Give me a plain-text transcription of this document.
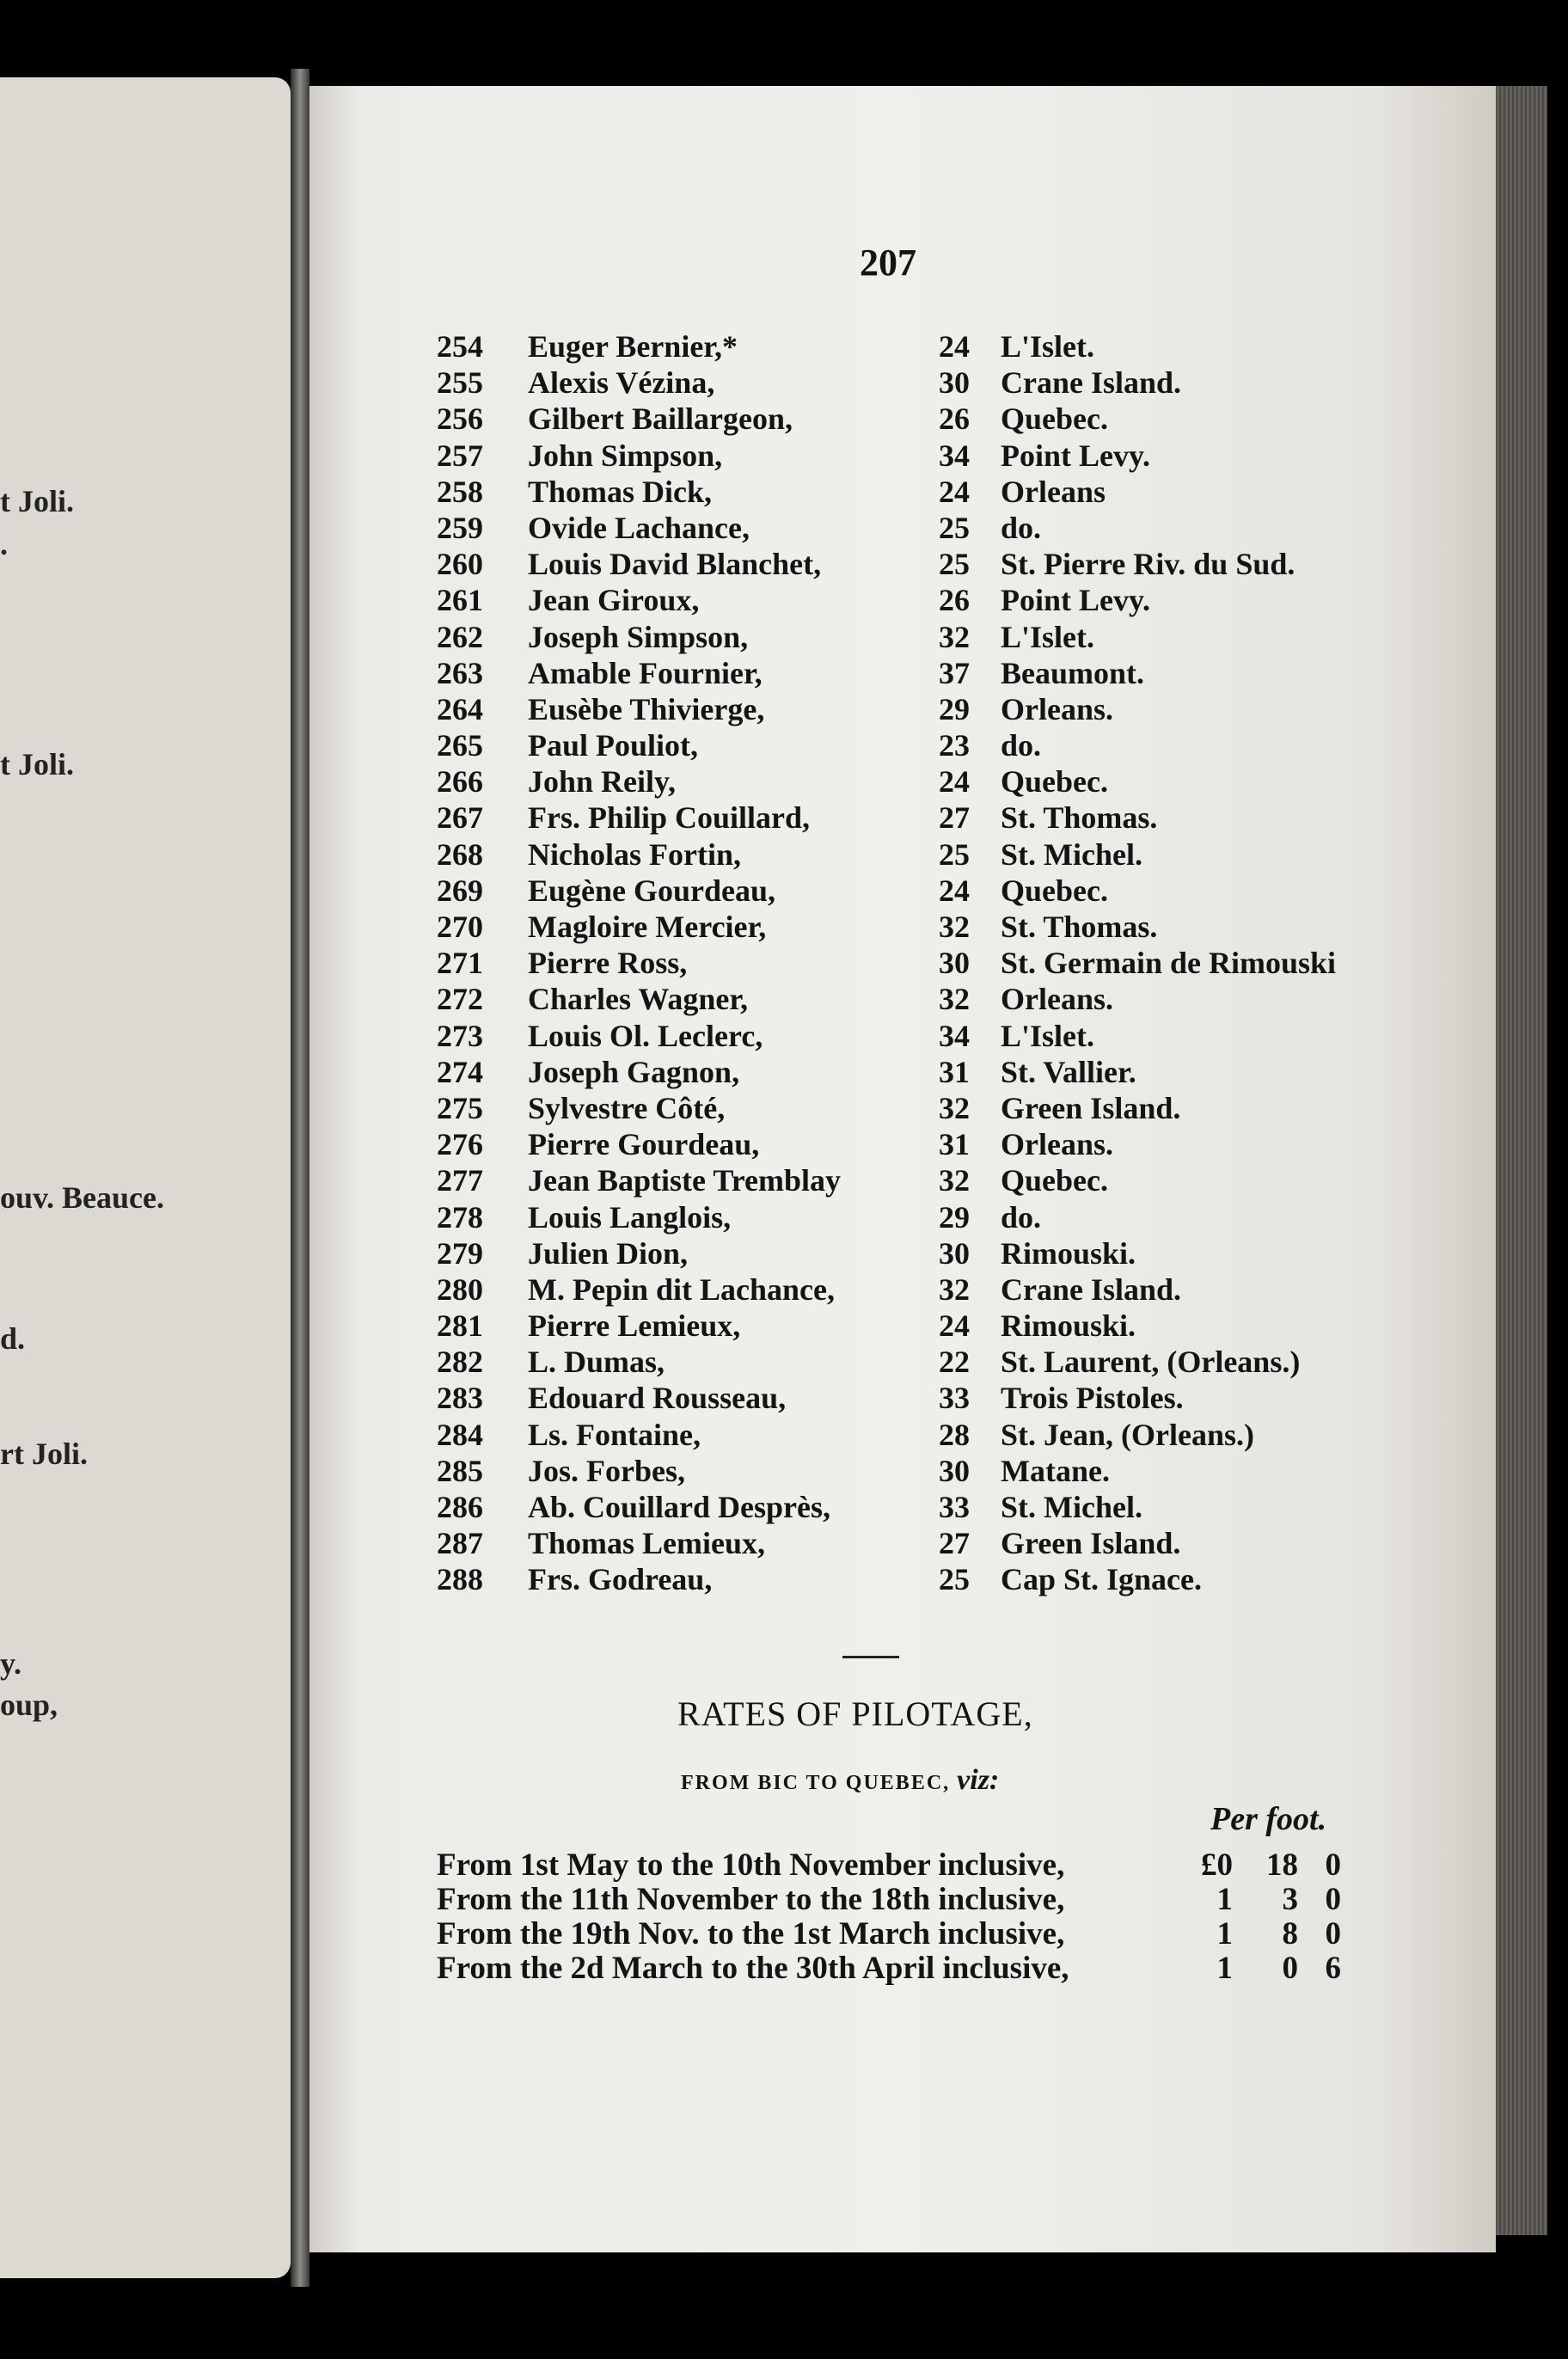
t Joli.
.
t Joli.
ouv. Beauce.
d.
rt Joli.
y.
oup,
207
254 Euger Bernier,*	24 L'Islet.
255 Alexis Vézina,	30 Crane Island.
256 Gilbert Baillargeon,	26 Quebec.
257 John Simpson,	34 Point Levy.
258 Thomas Dick,	24 Orleans
259 Ovide Lachance,	25 do.
260 Louis David Blanchet,	25 St. Pierre Riv. du Sud.
261 Jean Giroux,	26 Point Levy.
262 Joseph Simpson,	32 L'Islet.
263 Amable Fournier,	37 Beaumont.
264 Eusèbe Thivierge,	29 Orleans.
265 Paul Pouliot,	23 do.
266 John Reily,	24 Quebec.
267 Frs. Philip Couillard,	27 St. Thomas.
268 Nicholas Fortin,	25 St. Michel.
269 Eugène Gourdeau,	24 Quebec.
270 Magloire Mercier,	32 St. Thomas.
271 Pierre Ross,	30 St. Germain de Rimouski
272 Charles Wagner,	32 Orleans.
273 Louis Ol. Leclerc,	34 L'Islet.
274 Joseph Gagnon,	31 St. Vallier.
275 Sylvestre Côté,	32 Green Island.
276 Pierre Gourdeau,	31 Orleans.
277 Jean Baptiste Tremblay	32 Quebec.
278 Louis Langlois,	29 do.
279 Julien Dion,	30 Rimouski.
280 M. Pepin dit Lachance,	32 Crane Island.
281 Pierre Lemieux,	24 Rimouski.
282 L. Dumas,	22 St. Laurent, (Orleans.)
283 Edouard Rousseau,	33 Trois Pistoles.
284 Ls. Fontaine,	28 St. Jean, (Orleans.)
285 Jos. Forbes,	30 Matane.
286 Ab. Couillard Desprès,	33 St. Michel.
287 Thomas Lemieux,	27 Green Island.
288 Frs. Godreau,	25 Cap St. Ignace.
RATES OF PILOTAGE,
FROM BIC TO QUEBEC, viz:
Per foot.
From 1st May to the 10th November inclusive,	£0	18 0
From the 11th November to the 18th inclusive,	1	3 0
From the 19th Nov. to the 1st March inclusive,	1	8 0
From the 2d March to the 30th April inclusive,	1	0 6
